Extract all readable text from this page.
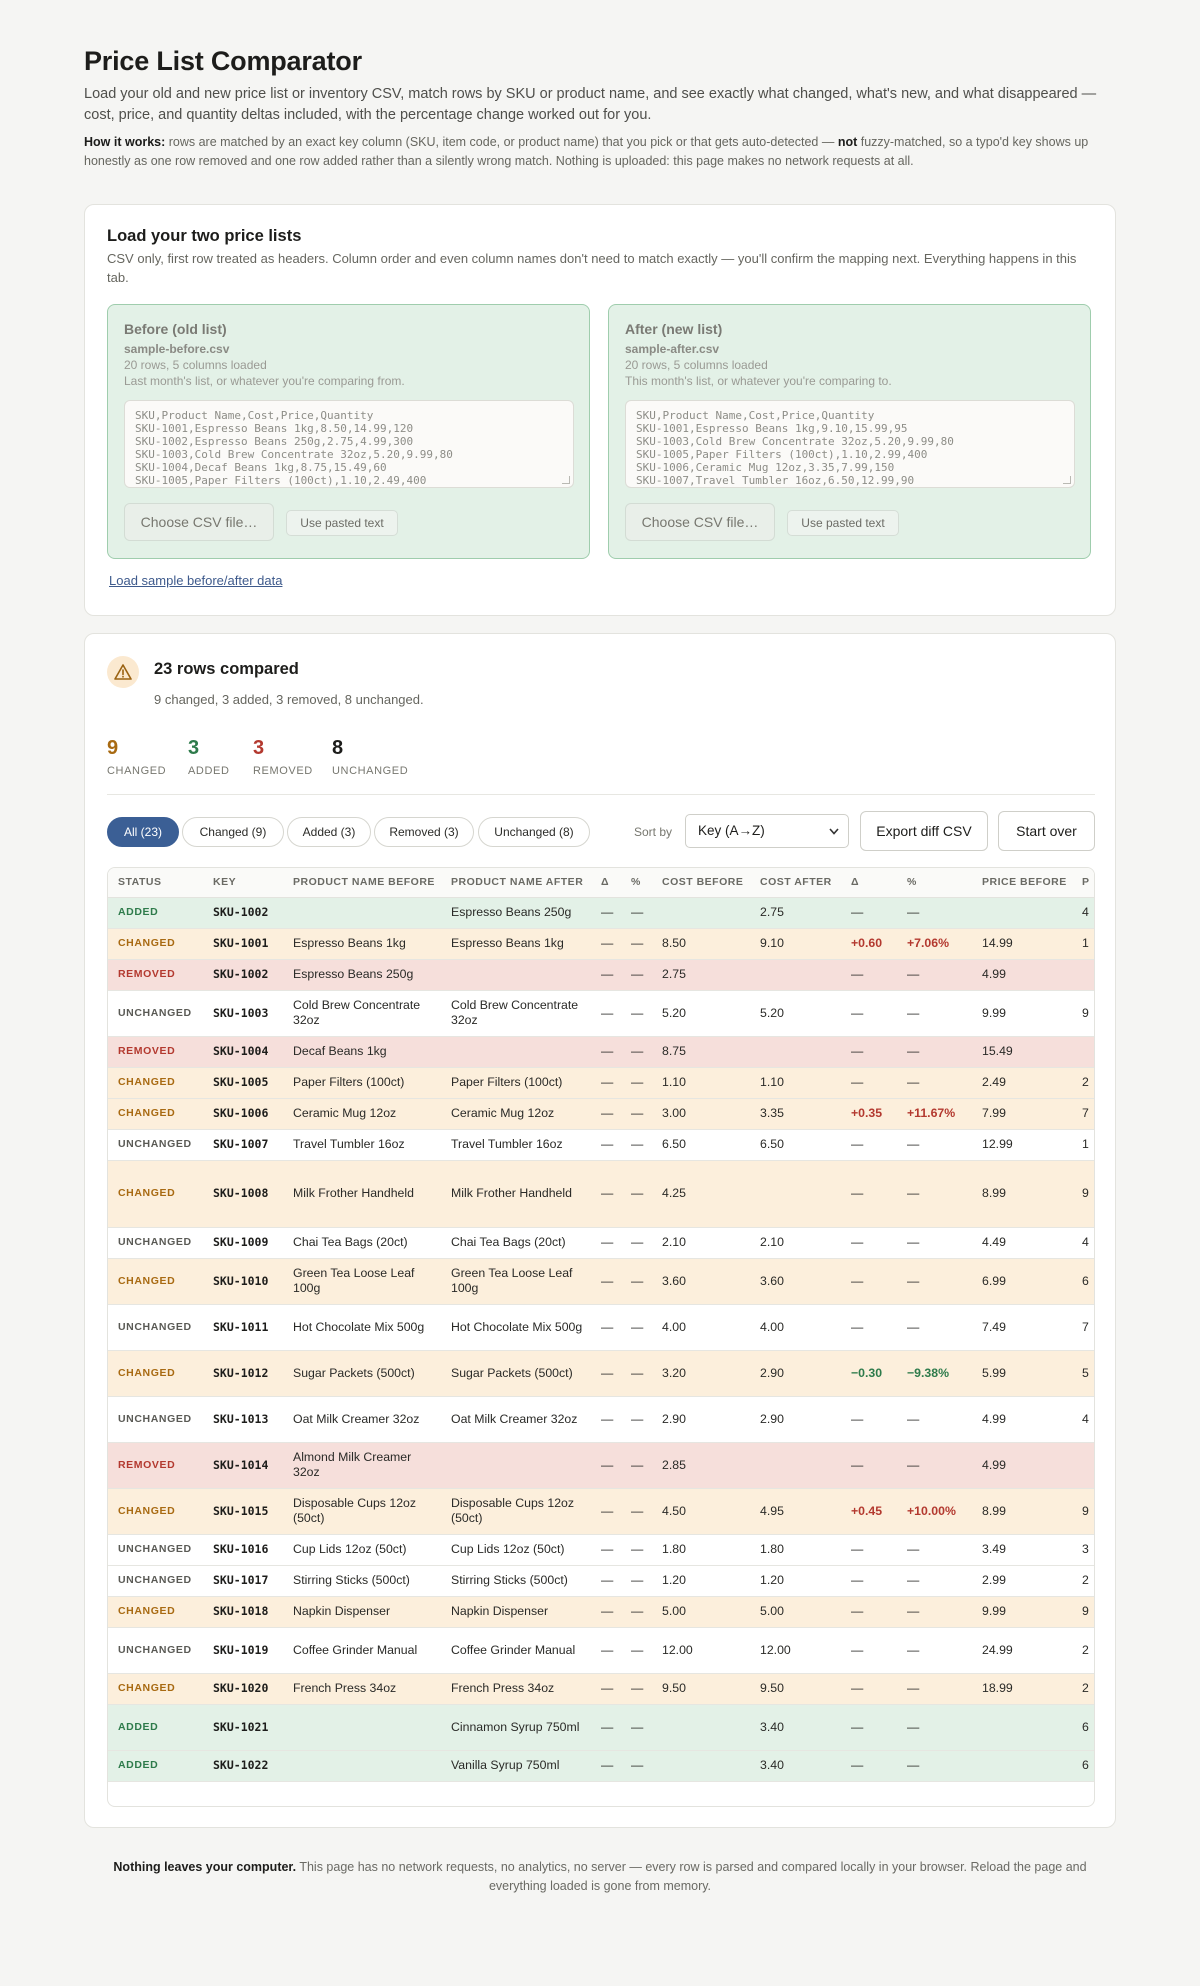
Price List Comparator

Load your old and new price list or inventory CSV, match rows by SKU or product name, and see exactly what changed, what's new, and what disappeared — cost, price, and quantity deltas included, with the percentage change worked out for you.

How it works: rows are matched by an exact key column (SKU, item code, or product name) that you pick or that gets auto-detected — not fuzzy-matched, so a typo'd key shows up honestly as one row removed and one row added rather than a silently wrong match. Nothing is uploaded: this page makes no network requests at all.

Load your two price lists

CSV only, first row treated as headers. Column order and even column names don't need to match exactly — you'll confirm the mapping next. Everything happens in this tab.

Before (old list)
sample-before.csv
20 rows, 5 columns loaded
Last month's list, or whatever you're comparing from.
SKU,Product Name,Cost,Price,Quantity
SKU-1001,Espresso Beans 1kg,8.50,14.99,120
SKU-1002,Espresso Beans 250g,2.75,4.99,300
SKU-1003,Cold Brew Concentrate 32oz,5.20,9.99,80
SKU-1004,Decaf Beans 1kg,8.75,15.49,60
SKU-1005,Paper Filters (100ct),1.10,2.49,400
Choose CSV file…	Use pasted text
After (new list)
sample-after.csv
20 rows, 5 columns loaded
This month's list, or whatever you're comparing to.
SKU,Product Name,Cost,Price,Quantity
SKU-1001,Espresso Beans 1kg,9.10,15.99,95
SKU-1003,Cold Brew Concentrate 32oz,5.20,9.99,80
SKU-1005,Paper Filters (100ct),1.10,2.99,400
SKU-1006,Ceramic Mug 12oz,3.35,7.99,150
SKU-1007,Travel Tumbler 16oz,6.50,12.99,90
Choose CSV file…	Use pasted text
Load sample before/after data
23 rows compared
9 changed, 3 added, 3 removed, 8 unchanged.
9
CHANGED
3
ADDED
3
REMOVED
8
UNCHANGED
All (23)	Changed (9)	Added (3)	Removed (3)	Unchanged (8)	Sort by	Key (A→Z)	Export diff CSV	Start over
STATUS	KEY	PRODUCT NAME BEFORE	PRODUCT NAME AFTER	Δ	%	COST BEFORE	COST AFTER	Δ	%	PRICE BEFORE	P
ADDED	SKU-1002		Espresso Beans 250g	—	—		2.75	—	—		4
CHANGED	SKU-1001	Espresso Beans 1kg	Espresso Beans 1kg	—	—	8.50	9.10	+0.60	+7.06%	14.99	1
REMOVED	SKU-1002	Espresso Beans 250g		—	—	2.75		—	—	4.99	
UNCHANGED	SKU-1003	Cold Brew Concentrate 32oz	Cold Brew Concentrate 32oz	—	—	5.20	5.20	—	—	9.99	9
REMOVED	SKU-1004	Decaf Beans 1kg		—	—	8.75		—	—	15.49	
CHANGED	SKU-1005	Paper Filters (100ct)	Paper Filters (100ct)	—	—	1.10	1.10	—	—	2.49	2
CHANGED	SKU-1006	Ceramic Mug 12oz	Ceramic Mug 12oz	—	—	3.00	3.35	+0.35	+11.67%	7.99	7
UNCHANGED	SKU-1007	Travel Tumbler 16oz	Travel Tumbler 16oz	—	—	6.50	6.50	—	—	12.99	1
CHANGED	SKU-1008	Milk Frother Handheld	Milk Frother Handheld	—	—	4.25		—	—	8.99	9
UNCHANGED	SKU-1009	Chai Tea Bags (20ct)	Chai Tea Bags (20ct)	—	—	2.10	2.10	—	—	4.49	4
CHANGED	SKU-1010	Green Tea Loose Leaf 100g	Green Tea Loose Leaf 100g	—	—	3.60	3.60	—	—	6.99	6
UNCHANGED	SKU-1011	Hot Chocolate Mix 500g	Hot Chocolate Mix 500g	—	—	4.00	4.00	—	—	7.49	7
CHANGED	SKU-1012	Sugar Packets (500ct)	Sugar Packets (500ct)	—	—	3.20	2.90	−0.30	−9.38%	5.99	5
UNCHANGED	SKU-1013	Oat Milk Creamer 32oz	Oat Milk Creamer 32oz	—	—	2.90	2.90	—	—	4.99	4
REMOVED	SKU-1014	Almond Milk Creamer 32oz		—	—	2.85		—	—	4.99	
CHANGED	SKU-1015	Disposable Cups 12oz (50ct)	Disposable Cups 12oz (50ct)	—	—	4.50	4.95	+0.45	+10.00%	8.99	9
UNCHANGED	SKU-1016	Cup Lids 12oz (50ct)	Cup Lids 12oz (50ct)	—	—	1.80	1.80	—	—	3.49	3
UNCHANGED	SKU-1017	Stirring Sticks (500ct)	Stirring Sticks (500ct)	—	—	1.20	1.20	—	—	2.99	2
CHANGED	SKU-1018	Napkin Dispenser	Napkin Dispenser	—	—	5.00	5.00	—	—	9.99	9
UNCHANGED	SKU-1019	Coffee Grinder Manual	Coffee Grinder Manual	—	—	12.00	12.00	—	—	24.99	2
CHANGED	SKU-1020	French Press 34oz	French Press 34oz	—	—	9.50	9.50	—	—	18.99	2
ADDED	SKU-1021		Cinnamon Syrup 750ml	—	—		3.40	—	—		6
ADDED	SKU-1022		Vanilla Syrup 750ml	—	—		3.40	—	—		6
Nothing leaves your computer. This page has no network requests, no analytics, no server — every row is parsed and compared locally in your browser. Reload the page and everything loaded is gone from memory.
